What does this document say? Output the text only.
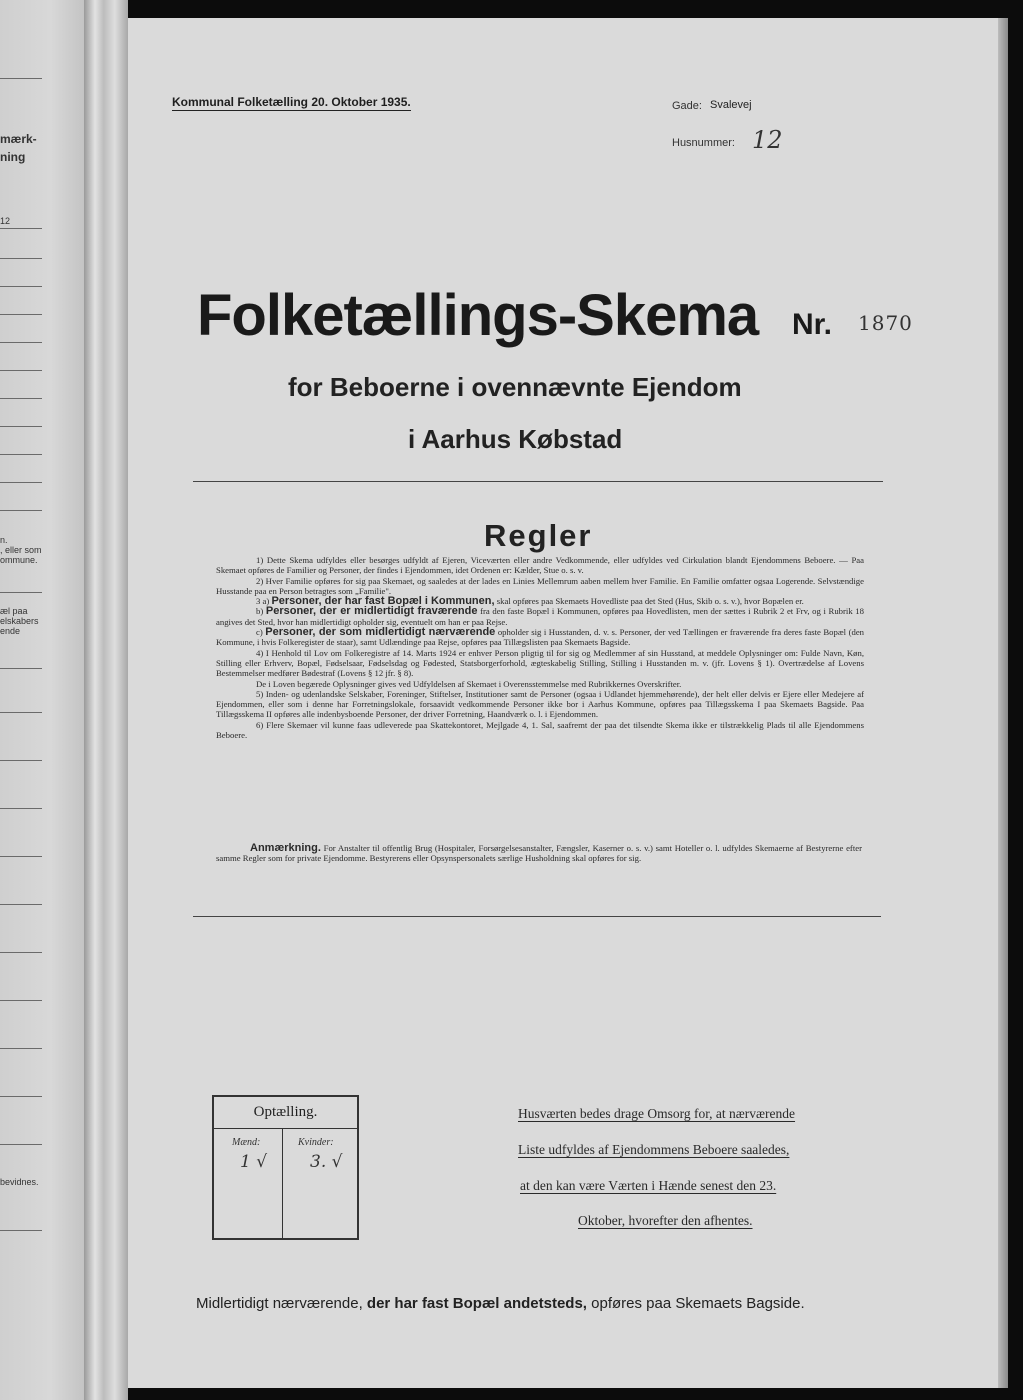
mærk-
ning
12
n.
, eller som
ommune.
æl paa
elskabers
ende
bevidnes.
Kommunal Folketælling 20. Oktober 1935.	Gade: Svalevej
Husnummer: 12
Folketællings-Skema Nr. 1870
for Beboerne i ovennævnte Ejendom
i Aarhus Købstad
Regler

1) Dette Skema udfyldes eller besørges udfyldt af Ejeren, Viceværten eller andre Vedkommende, eller udfyldes ved Cirkulation blandt Ejendommens Beboere. — Paa Skemaet opføres de Familier og Personer, der findes i Ejendommen, idet Ordenen er: Kælder, Stue o. s. v.

2) Hver Familie opføres for sig paa Skemaet, og saaledes at der lades en Linies Mellemrum aaben mellem hver Familie. En Familie omfatter ogsaa Logerende. Selvstændige Husstande paa en Person betragtes som „Familie".

3 a) Personer, der har fast Bopæl i Kommunen, skal opføres paa Skemaets Hovedliste paa det Sted (Hus, Skib o. s. v.), hvor Bopælen er.

b) Personer, der er midlertidigt fraværende fra den faste Bopæl i Kommunen, opføres paa Hovedlisten, men der sættes i Rubrik 2 et Frv, og i Rubrik 18 angives det Sted, hvor han midlertidigt opholder sig, eventuelt om han er paa Rejse.

c) Personer, der som midlertidigt nærværende opholder sig i Husstanden, d. v. s. Personer, der ved Tællingen er fraværende fra deres faste Bopæl (den Kommune, i hvis Folkeregister de staar), samt Udlændinge paa Rejse, opføres paa Tillægslisten paa Skemaets Bagside.

4) I Henhold til Lov om Folkeregistre af 14. Marts 1924 er enhver Person pligtig til for sig og Medlemmer af sin Husstand, at meddele Oplysninger om: Fulde Navn, Køn, Stilling eller Erhverv, Bopæl, Fødselsaar, Fødselsdag og Fødested, Statsborgerforhold, ægteskabelig Stilling, Stilling i Husstanden m. v. (jfr. Lovens § 1). Overtrædelse af Lovens Bestemmelser medfører Bødestraf (Lovens § 12 jfr. § 8).

De i Loven begærede Oplysninger gives ved Udfyldelsen af Skemaet i Overensstemmelse med Rubrikkernes Overskrifter.

5) Inden- og udenlandske Selskaber, Foreninger, Stiftelser, Institutioner samt de Personer (ogsaa i Udlandet hjemmehørende), der helt eller delvis er Ejere eller Medejere af Ejendommen, eller som i denne har Forretningslokale, forsaavidt vedkommende Personer ikke bor i Aarhus Kommune, opføres paa Tillægsskema I paa Skemaets Bagside. Paa Tillægsskema II opføres alle indenbysboende Personer, der driver Forretning, Haandværk o. l. i Ejendommen.

6) Flere Skemaer vil kunne faas udleverede paa Skattekontoret, Mejlgade 4, 1. Sal, saafremt der paa det tilsendte Skema ikke er tilstrækkelig Plads til alle Ejendommens Beboere.

Anmærkning. For Anstalter til offentlig Brug (Hospitaler, Forsørgelsesanstalter, Fængsler, Kaserner o. s. v.) samt Hoteller o. l. udfyldes Skemaerne af Bestyrerne efter samme Regler som for private Ejendomme. Bestyrerens eller Opsynspersonalets særlige Husholdning skal opføres for sig.
Optælling.
Mænd:	Kvinder:
1 √	3. √
Husværten bedes drage Omsorg for, at nærværende
Liste udfyldes af Ejendommens Beboere saaledes,
at den kan være Værten i Hænde senest den 23.
Oktober, hvorefter den afhentes.
Midlertidigt nærværende, der har fast Bopæl andetsteds, opføres paa Skemaets Bagside.
